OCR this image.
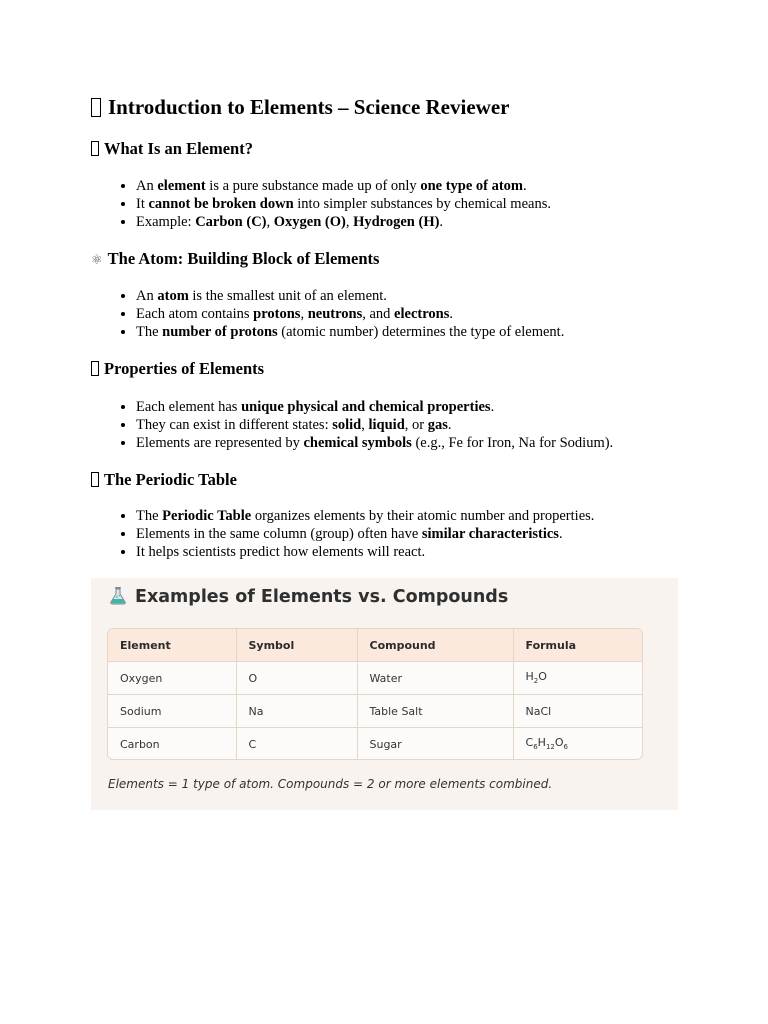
Introduction to Elements – Science Reviewer
What Is an Element?
• An element is a pure substance made up of only one type of atom.
• It cannot be broken down into simpler substances by chemical means.
• Example: Carbon (C), Oxygen (O), Hydrogen (H).
⚛ The Atom: Building Block of Elements
• An atom is the smallest unit of an element.
• Each atom contains protons, neutrons, and electrons.
• The number of protons (atomic number) determines the type of element.
Properties of Elements
• Each element has unique physical and chemical properties.
• They can exist in different states: solid, liquid, or gas.
• Elements are represented by chemical symbols (e.g., Fe for Iron, Na for Sodium).
The Periodic Table
• The Periodic Table organizes elements by their atomic number and properties.
• Elements in the same column (group) often have similar characteristics.
• It helps scientists predict how elements will react.
Examples of Elements vs. Compounds
Element	Symbol	Compound	Formula
Oxygen	O	Water	$H_2O$
Sodium	Na	Table Salt	NaCl
Carbon	C	Sugar	$C_6H_{12}O_6$

Elements = 1 type of atom. Compounds = 2 or more elements combined.
